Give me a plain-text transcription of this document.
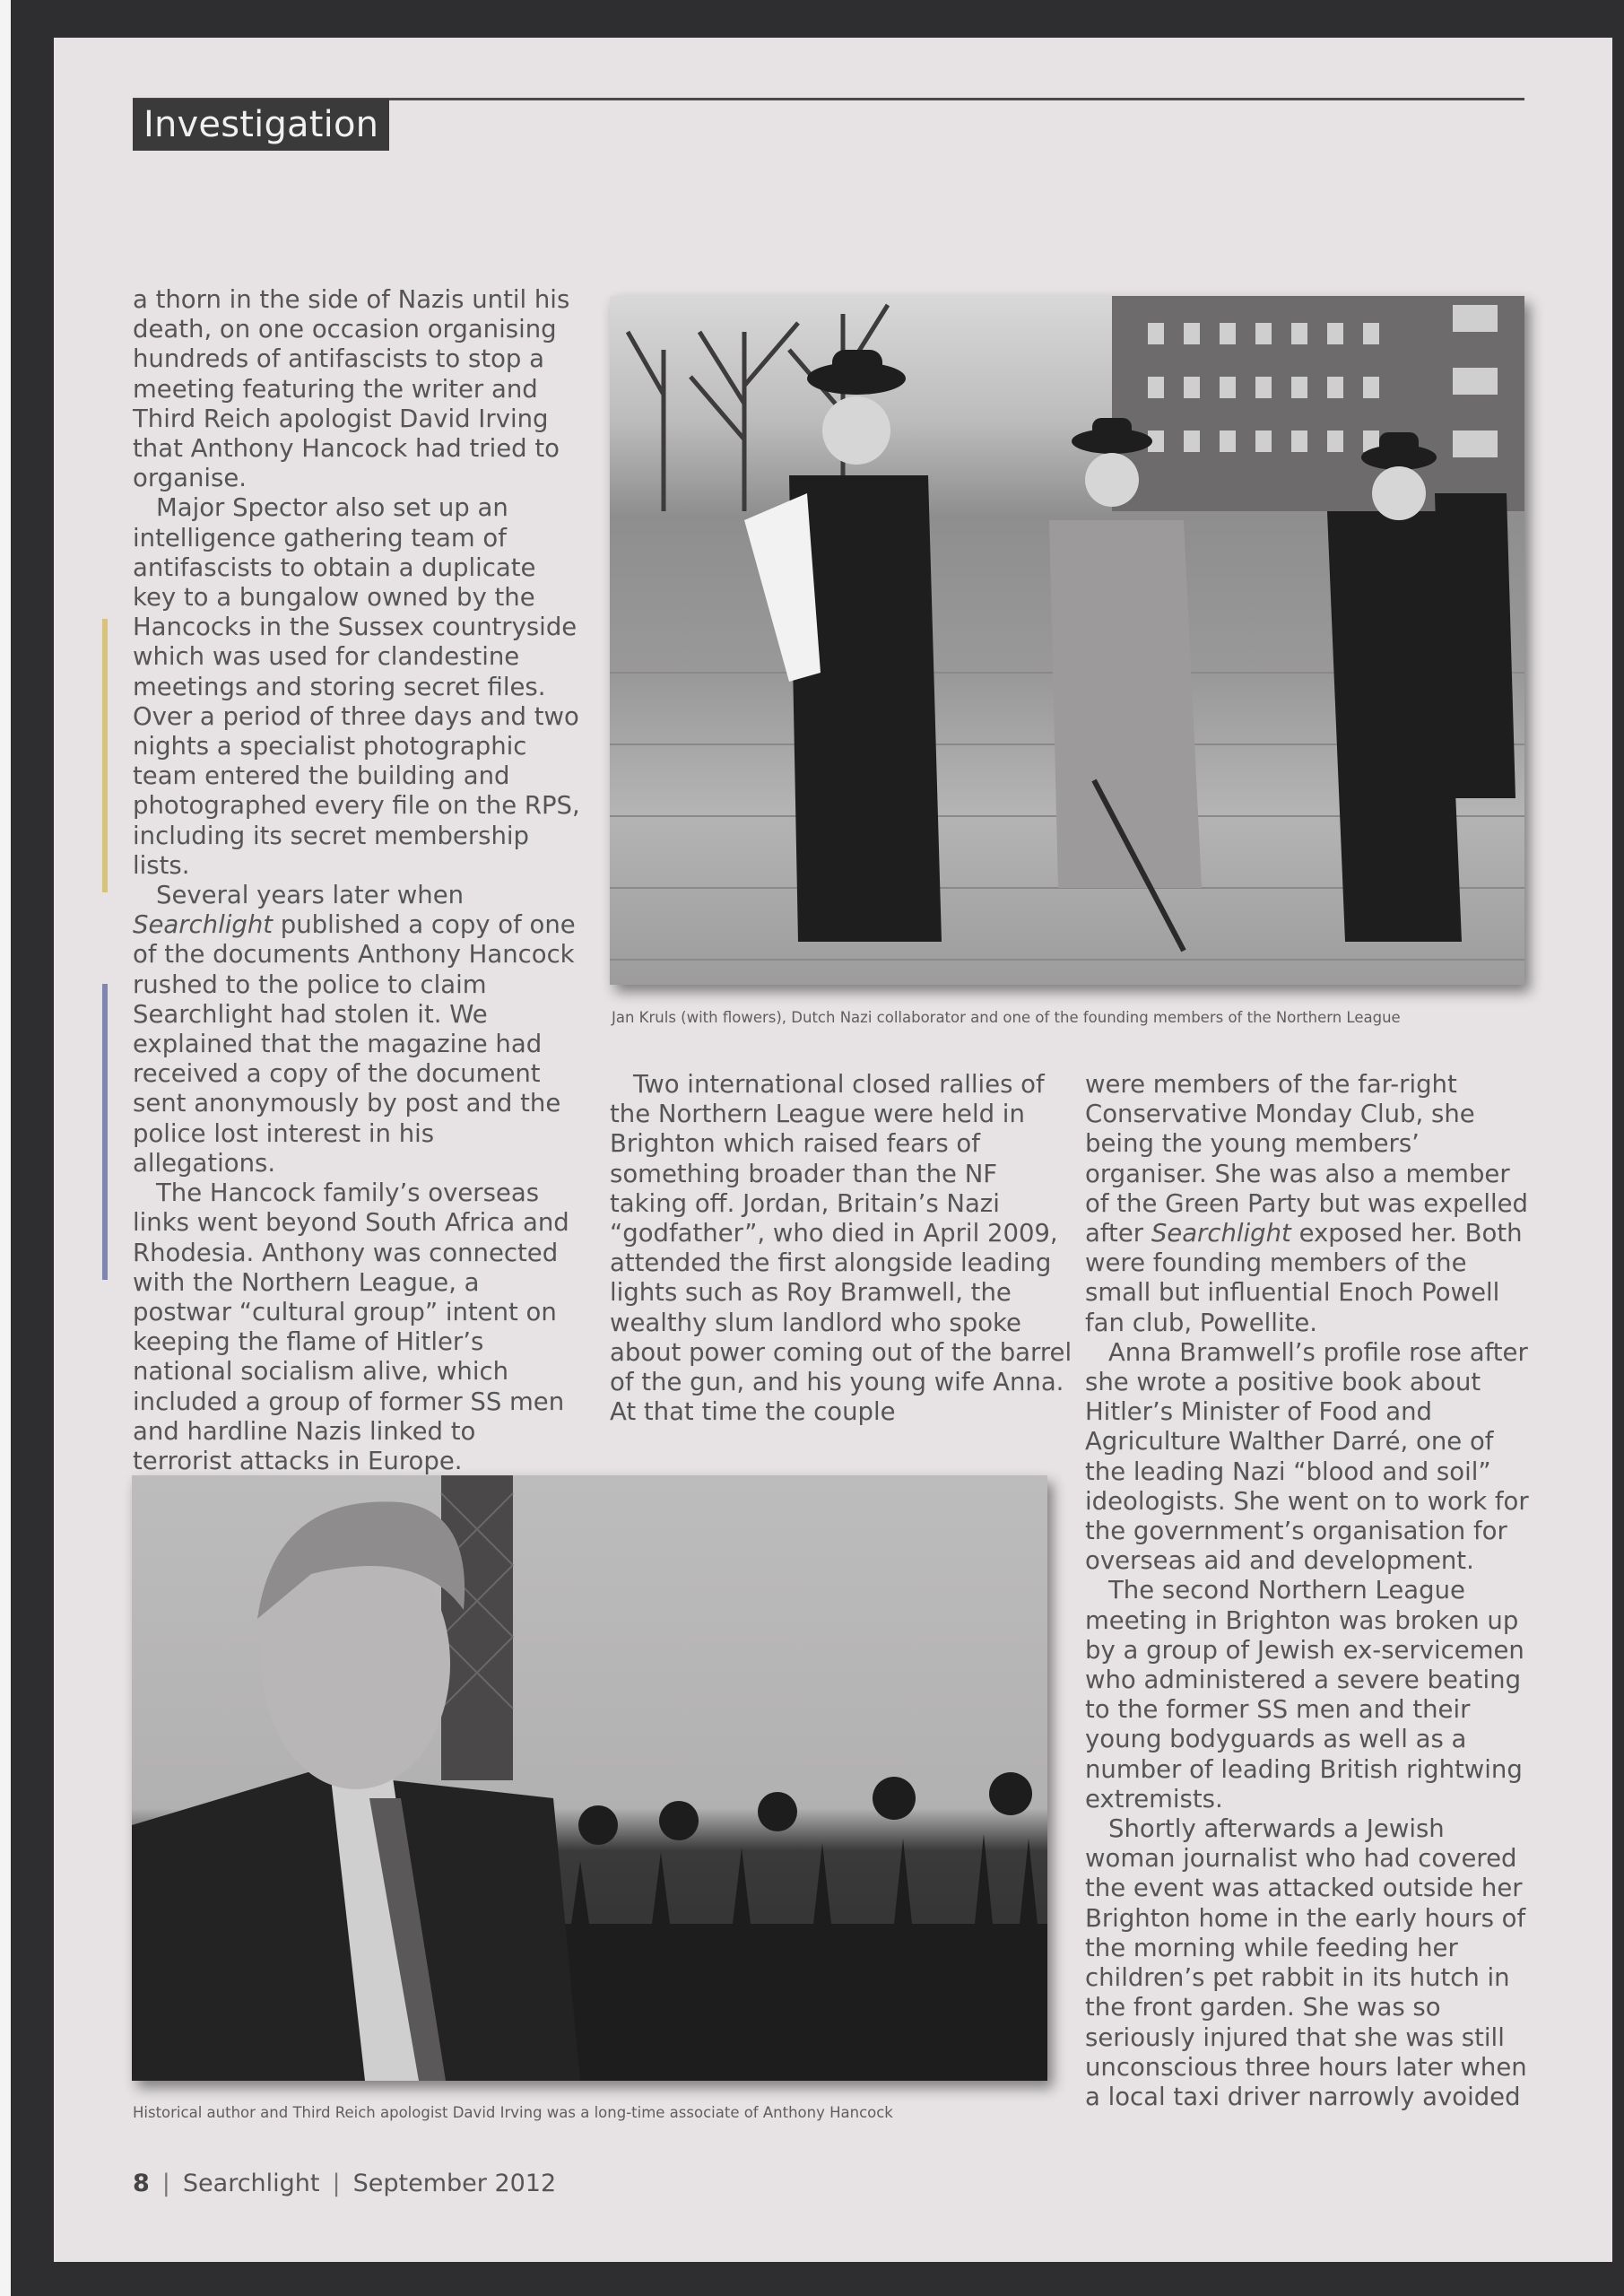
Investigation

a thorn in the side of Nazis until his death, on one occasion organising hundreds of antifascists to stop a meeting featuring the writer and Third Reich apologist David Irving that Anthony Hancock had tried to organise.

Major Spector also set up an intelligence gathering team of antifascists to obtain a duplicate key to a bungalow owned by the Hancocks in the Sussex countryside which was used for clandestine meetings and storing secret files. Over a period of three days and two nights a specialist photographic team entered the building and photographed every file on the RPS, including its secret membership lists.

Several years later when Searchlight published a copy of one of the documents Anthony Hancock rushed to the police to claim Searchlight had stolen it. We explained that the magazine had received a copy of the document sent anonymously by post and the police lost interest in his allegations.

The Hancock family’s overseas links went beyond South Africa and Rhodesia. Anthony was connected with the Northern League, a postwar “cultural group” intent on keeping the flame of Hitler’s national socialism alive, which included a group of former SS men and hardline Nazis linked to terrorist attacks in Europe.

Jan Kruls (with flowers), Dutch Nazi collaborator and one of the founding members of the Northern League

Two international closed rallies of the Northern League were held in Brighton which raised fears of something broader than the NF taking off. Jordan, Britain’s Nazi “godfather”, who died in April 2009, attended the first alongside leading lights such as Roy Bramwell, the wealthy slum landlord who spoke about power coming out of the barrel of the gun, and his young wife Anna. At that time the couple

were members of the far-right Conservative Monday Club, she being the young members’ organiser. She was also a member of the Green Party but was expelled after Searchlight exposed her. Both were founding members of the small but influential Enoch Powell fan club, Powellite.

Anna Bramwell’s profile rose after she wrote a positive book about Hitler’s Minister of Food and Agriculture Walther Darré, one of the leading Nazi “blood and soil” ideologists. She went on to work for the government’s organisation for overseas aid and development.

The second Northern League meeting in Brighton was broken up by a group of Jewish ex-servicemen who administered a severe beating to the former SS men and their young bodyguards as well as a number of leading British rightwing extremists.

Shortly afterwards a Jewish woman journalist who had covered the event was attacked outside her Brighton home in the early hours of the morning while feeding her children’s pet rabbit in its hutch in the front garden. She was so seriously injured that she was still unconscious three hours later when a local taxi driver narrowly avoided

Historical author and Third Reich apologist David Irving was a long-time associate of Anthony Hancock
8 | Searchlight | September 2012
